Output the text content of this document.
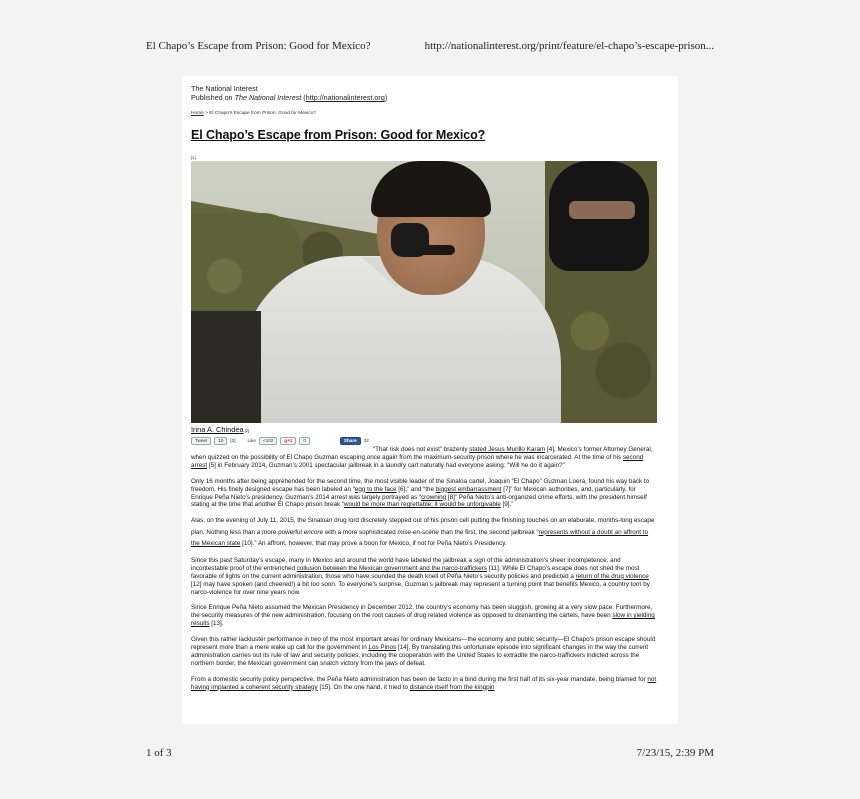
El Chapo’s Escape from Prison: Good for Mexico?	http://nationalinterest.org/print/feature/el-chapo’s-escape-prison...
The National Interest
Published on The National Interest (http://nationalinterest.org)
Home > El Chapo’s Escape from Prison: Good for Mexico?
El Chapo’s Escape from Prison: Good for Mexico?
[1]
Irina A. Chindea [2]
Tweet	10	[3]	Like	<102	g+1	0	Share	32
“That risk does not exist” brazenly stated Jesus Murillo Karam [4], Mexico’s former Attorney General, when quizzed on the possibility of El Chapo Guzman escaping once again from the maximum-security prison where he was incarcerated. At the time of his second arrest [5] in February 2014, Guzman’s 2001 spectacular jailbreak in a laundry cart naturally had everyone asking: “Will he do it again?”
Only 16 months after being apprehended for the second time, the most visible leader of the Sinaloa cartel, Joaquin “El Chapo” Guzman Loera, found his way back to freedom. His finely designed escape has been labeled an “egg to the face [6],” and “the biggest embarrassment [7]” for Mexican authorities, and, particularly, for Enrique Peña Nieto’s presidency. Guzman’s 2014 arrest was largely portrayed as “crowning [8]” Peña Nieto’s anti-organized crime efforts, with the president himself stating at the time that another El Chapo prison break “would be more than regrettable; it would be unforgivable [9].”
Alas, on the evening of July 11, 2015, the Sinaloan drug lord discretely stepped out of his prison cell putting the finishing touches on an elaborate, months-long escape plan. Nothing less than a more powerful encore with a more sophisticated mise-en-scène than the first, the second jailbreak “represents without a doubt an affront to the Mexican state [10].” An affront, however, that may prove a boon for Mexico, if not for Peña Nieto’s Presidency.
Since this past Saturday’s escape, many in Mexico and around the world have labeled the jailbreak a sign of the administration’s sheer incompetence, and incontestable proof of the entrenched collusion between the Mexican government and the narco-traffickers [11]. While El Chapo’s escape does not shed the most favorable of lights on the current administration, those who have sounded the death knell of Peña Nieto’s security policies and predicted a return of the drug violence [12] may have spoken (and cheered!) a bit too soon. To everyone’s surprise, Guzman’s jailbreak may represent a turning point that benefits Mexico, a country torn by narco-violence for over nine years now.
Since Enrique Peña Nieto assumed the Mexican Presidency in December 2012, the country’s economy has been sluggish, growing at a very slow pace. Furthermore, the security measures of the new administration, focusing on the root causes of drug related violence as opposed to dismantling the cartels, have been slow in yielding results [13].
Given this rather lackluster performance in two of the most important areas for ordinary Mexicans—the economy and public security—El Chapo’s prison escape should represent more than a mere wake up call for the government in Los Pinos [14]. By translating this unfortunate episode into significant changes in the way the current administration carries out its rule of law and security policies, including the cooperation with the United States to extradite the narco-traffickers indicted across the northern border, the Mexican government can snatch victory from the jaws of defeat.
From a domestic security policy perspective, the Peña Nieto administration has been de facto in a bind during the first half of its six-year mandate, being blamed for not having implanted a coherent security strategy [15]. On the one hand, it tried to distance itself from the kingpin
1 of 3	7/23/15, 2:39 PM
